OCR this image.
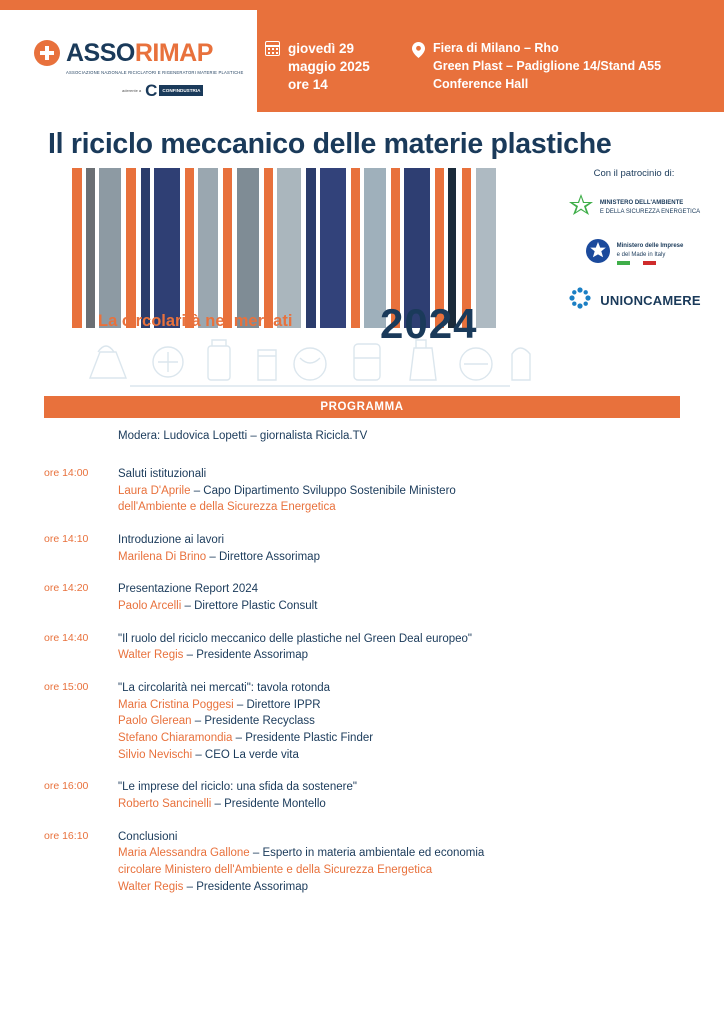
ASSORIMAP
ASSOCIAZIONE NAZIONALE RICICLATORI E RIGENERATORI MATERIE PLASTICHE
aderente a C	CONFINDUSTRIA
giovedì 29
maggio 2025
ore 14
Fiera di Milano – Rho
Green Plast – Padiglione 14/Stand A55
Conference Hall
Il riciclo meccanico delle materie plastiche
La circolarità nei mercati 2024
Con il patrocinio di:
MINISTERO DELL'AMBIENTE
E DELLA SICUREZZA ENERGETICA
Ministero delle Imprese
e del Made in Italy
UNIONCAMERE
PROGRAMMA
Modera: Ludovica Lopetti – giornalista Ricicla.TV
ore 14:00	Saluti istituzionali
Laura D'Aprile – Capo Dipartimento Sviluppo Sostenibile Ministero
dell'Ambiente e della Sicurezza Energetica
ore 14:10	Introduzione ai lavori
Marilena Di Brino – Direttore Assorimap
ore 14:20	Presentazione Report 2024
Paolo Arcelli – Direttore Plastic Consult
ore 14:40	"Il ruolo del riciclo meccanico delle plastiche nel Green Deal europeo"
Walter Regis – Presidente Assorimap
ore 15:00	"La circolarità nei mercati": tavola rotonda
Maria Cristina Poggesi – Direttore IPPR
Paolo Glerean – Presidente Recyclass
Stefano Chiaramondia – Presidente Plastic Finder
Silvio Nevischi – CEO La verde vita
ore 16:00	"Le imprese del riciclo: una sfida da sostenere"
Roberto Sancinelli – Presidente Montello
ore 16:10	Conclusioni
Maria Alessandra Gallone – Esperto in materia ambientale ed economia
circolare Ministero dell'Ambiente e della Sicurezza Energetica
Walter Regis – Presidente Assorimap
